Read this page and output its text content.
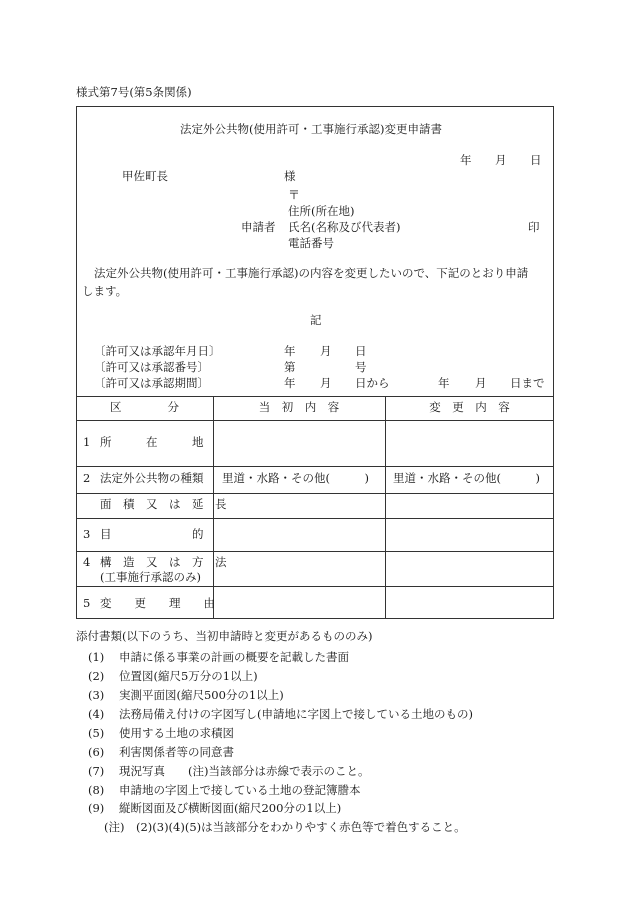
様式第7号(第5条関係)
法定外公共物(使用許可・工事施行承認)変更申請書
年 月 日
甲佐町長	様
〒
住所(所在地)
申請者 氏名(名称及び代表者)	印
電話番号
法定外公共物(使用許可・工事施行承認)の内容を変更したいので、下記のとおり申請
します。
記
〔許可又は承認年月日〕	年 月 日
〔許可又は承認番号〕	第	号
〔許可又は承認期間〕	年 月 日から	年 月 日まで
区　　　　分	当　初　内　容	変　更　内　容
1 所　　　在　　　地
2 法定外公共物の種類 里道・水路・その他(　　　) 里道・水路・その他(　　　)
面　積　又　は　延　長
3 目　　　　　　　的
4 構　造　又　は　方　法
(工事施行承認のみ)
5 変　　更　　理　　由
添付書類(以下のうち、当初申請時と変更があるもののみ)
(1) 申請に係る事業の計画の概要を記載した書面
(2) 位置図(縮尺5万分の1以上)
(3) 実測平面図(縮尺500分の1以上)
(4) 法務局備え付けの字図写し(申請地に字図上で接している土地のもの)
(5) 使用する土地の求積図
(6) 利害関係者等の同意書
(7) 現況写真　　(注)当該部分は赤線で表示のこと。
(8) 申請地の字図上で接している土地の登記簿謄本
(9) 縦断図面及び横断図面(縮尺200分の1以上)
(注)　(2)(3)(4)(5)は当該部分をわかりやすく赤色等で着色すること。
